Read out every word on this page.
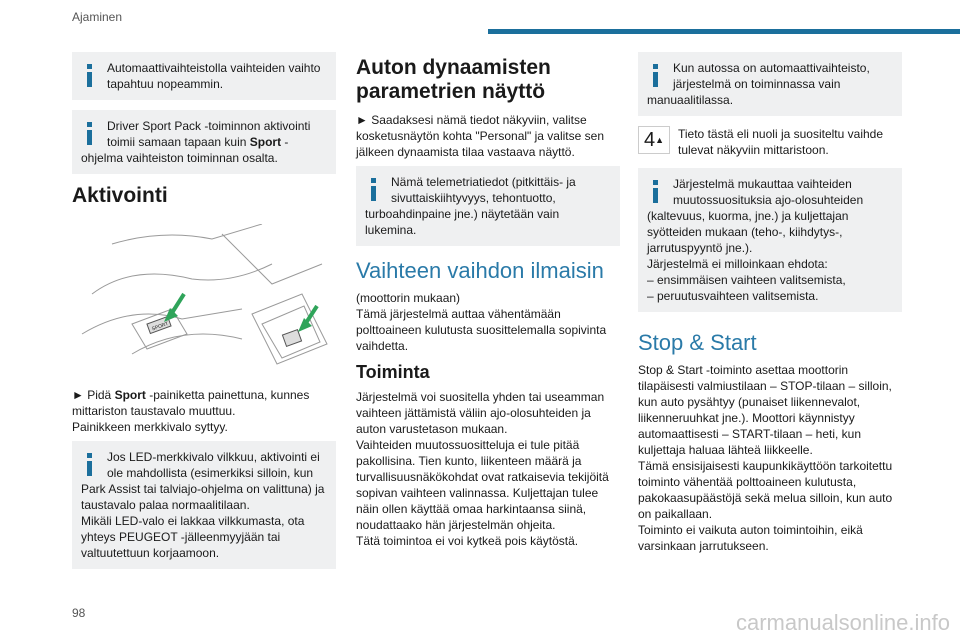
Ajaminen

Automaattivaihteistolla vaihteiden vaihto tapahtuu nopeammin.

Driver Sport Pack -toiminnon aktivointi toimii samaan tapaan kuin Sport -ohjelma vaihteiston toiminnan osalta.

Aktivointi
SPORT

► Pidä Sport -painiketta painettuna, kunnes mittariston taustavalo muuttuu.
Painikkeen merkkivalo syttyy.

Jos LED-merkkivalo vilkkuu, aktivointi ei ole mahdollista (esimerkiksi silloin, kun Park Assist tai talviajo-ohjelma on valittuna) ja taustavalo palaa normaalitilaan.

Mikäli LED-valo ei lakkaa vilkkumasta, ota yhteys PEUGEOT -jälleenmyyjään tai valtuutettuun korjaamoon.

Auton dynaamisten parametrien näyttö

► Saadaksesi nämä tiedot näkyviin, valitse kosketusnäytön kohta "Personal" ja valitse sen jälkeen dynaamista tilaa vastaava näyttö.

Nämä telemetriatiedot (pitkittäis- ja sivuttaiskiihtyvyys, tehontuotto, turboahdinpaine jne.) näytetään vain lukemina.

Vaihteen vaihdon ilmaisin

(moottorin mukaan)
Tämä järjestelmä auttaa vähentämään polttoaineen kulutusta suosittelemalla sopivinta vaihdetta.

Toiminta

Järjestelmä voi suositella yhden tai useamman vaihteen jättämistä väliin ajo-olosuhteiden ja auton varustetason mukaan.
Vaihteiden muutossuositteluja ei tule pitää pakollisina. Tien kunto, liikenteen määrä ja turvallisuusnäkökohdat ovat ratkaisevia tekijöitä sopivan vaihteen valinnassa. Kuljettajan tulee näin ollen käyttää omaa harkintaansa siinä, noudattaako hän järjestelmän ohjeita.
Tätä toimintoa ei voi kytkeä pois käytöstä.

Kun autossa on automaattivaihteisto, järjestelmä on toiminnassa vain manuaalitilassa.

4▲	Tieto tästä eli nuoli ja suositeltu vaihde tulevat näkyviin mittaristoon.

Järjestelmä mukauttaa vaihteiden muutossuosituksia ajo-olosuhteiden (kaltevuus, kuorma, jne.) ja kuljettajan syötteiden mukaan (teho-, kiihdytys-, jarrutuspyyntö jne.).

Järjestelmä ei milloinkaan ehdota:

– ensimmäisen vaihteen valitsemista,

– peruutusvaihteen valitsemista.

Stop & Start

Stop & Start -toiminto asettaa moottorin tilapäisesti valmiustilaan – STOP-tilaan – silloin, kun auto pysähtyy (punaiset liikennevalot, liikenneruuhkat jne.). Moottori käynnistyy automaattisesti – START-tilaan – heti, kun kuljettaja haluaa lähteä liikkeelle.
Tämä ensisijaisesti kaupunkikäyttöön tarkoitettu toiminto vähentää polttoaineen kulutusta, pakokaasupäästöjä sekä melua silloin, kun auto on paikallaan.
Toiminto ei vaikuta auton toimintoihin, eikä varsinkaan jarrutukseen.

98	carmanualsonline.info
